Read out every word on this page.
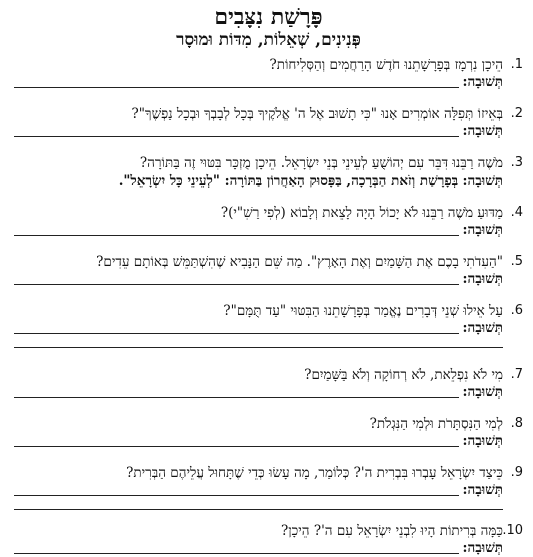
פָּרָשַׁת נִצָּבִים
פְּנִינִים, שְׁאֵלוֹת, מִדּוֹת וּמוּסָר
1.
הֵיכָן נִרְמָז בְּפָרָשָׁתֵנוּ חֹדֶשׁ הָרַחֲמִים וְהַסְּלִיחוֹת?
תְּשׁוּבָה:
2.
בְּאֵיזוֹ תְּפִלָּה אוֹמְרִים אָנוּ "כִּי תָשׁוּב אֶל ה' אֱלֹקֶיךָ בְּכָל לְבָבְךָ וּבְכָל נַפְשֶׁךָ"?
תְּשׁוּבָה:
3.
מֹשֶׁה רַבֵּנוּ דִּבֵּר עִם יְהוֹשֻׁעַ לְעֵינֵי בְּנֵי יִשְׂרָאֵל. הֵיכָן מֻזְכָּר בִּטּוּי זֶה בַּתּוֹרָה?
תְּשׁוּבָה: בְּפָרָשַׁת וְזֹאת הַבְּרָכָה, בַּפָּסוּק הָאַחֲרוֹן בַּתּוֹרָה: "לְעֵינֵי כָּל יִשְׂרָאֵל".
4.
מַדּוּעַ מֹשֶׁה רַבֵּנוּ לֹא יָכוֹל הָיָה לָצֵאת וְלָבוֹא (לְפִי רַשִׁ"י)?
תְּשׁוּבָה:
5.
"הַעִדֹתִי בָכֶם אֶת הַשָּׁמַיִם וְאֶת הָאָרֶץ". מַה שֵּׁם הַנָּבִיא שֶׁהִשְׁתַּמֵּשׁ בְּאוֹתָם עֵדִים?
תְּשׁוּבָה:
6.
עַל אֵילוּ שְׁנֵי דְּבָרִים נֶאֱמַר בְּפָרָשָׁתֵנוּ הַבִּטּוּי "עַד תֻּמָּם"?
תְּשׁוּבָה:
7.
מִי לֹא נִפְלֵאת, לֹא רְחוֹקָה וְלֹא בַּשָּׁמַיִם?
תְּשׁוּבָה:
8.
לְמִי הַנִּסְתָּרֹת וּלְמִי הַנִּגְלֹת?
תְּשׁוּבָה:
9.
כֵּיצַד יִשְׂרָאֵל עָבְרוּ בִּבְרִית ה'? כְּלוֹמַר, מָה עָשׂוּ כְּדֵי שֶׁתָּחוּל עֲלֵיהֶם הַבְּרִית?
תְּשׁוּבָה:
10.
כַּמָּה בְּרִיתוֹת הָיוּ לִבְנֵי יִשְׂרָאֵל עִם ה'? הֵיכָן?
תְּשׁוּבָה:
